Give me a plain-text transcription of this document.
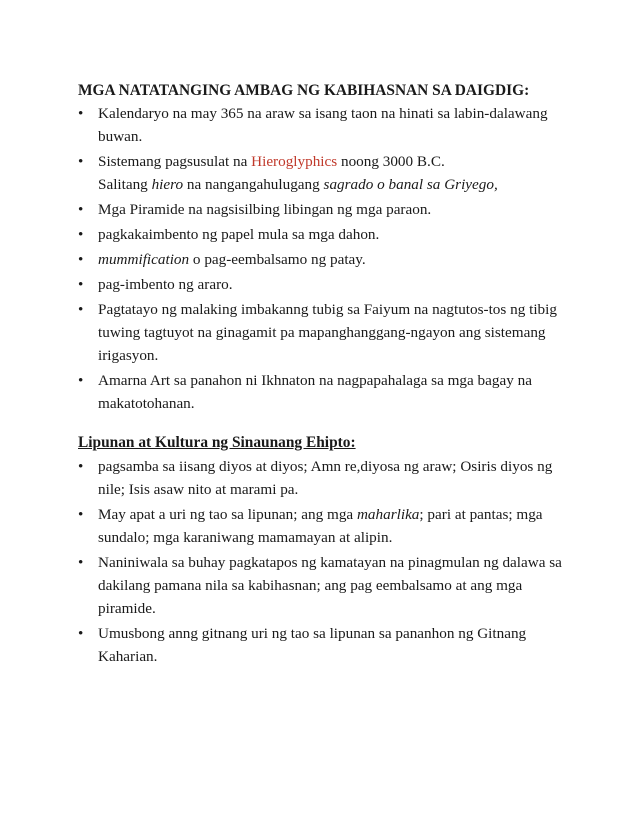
MGA NATATANGING AMBAG NG KABIHASNAN SA DAIGDIG:
• Kalendaryo na may 365 na araw sa isang taon na hinati sa labin-dalawang buwan.
• Sistemang pagsusulat na Hieroglyphics noong 3000 B.C.
Salitang hiero na nangangahulugang sagrado o banal sa Griyego,
• Mga Piramide na nagsisilbing libingan ng mga paraon.
• pagkakaimbento ng papel mula sa mga dahon.
• mummification o pag-eembalsamo ng patay.
• pag-imbento ng araro.
• Pagtatayo ng malaking imbakanng tubig sa Faiyum na nagtutos-tos ng tibig tuwing tagtuyot na ginagamit pa mapanghanggang-ngayon ang sistemang irigasyon.
• Amarna Art sa panahon ni Ikhnaton na nagpapahalaga sa mga bagay na makatotohanan.
Lipunan at Kultura ng Sinaunang Ehipto:
• pagsamba sa iisang diyos at diyos; Amn re,diyosa ng araw; Osiris diyos ng nile; Isis asaw nito at marami pa.
• May apat a uri ng tao sa lipunan; ang mga maharlika; pari at pantas; mga sundalo; mga karaniwang mamamayan at alipin.
• Naniniwala sa buhay pagkatapos ng kamatayan na pinagmulan ng dalawa sa dakilang pamana nila sa kabihasnan; ang pag eembalsamo at ang mga piramide.
• Umusbong anng gitnang uri ng tao sa lipunan sa pananhon ng Gitnang Kaharian.
